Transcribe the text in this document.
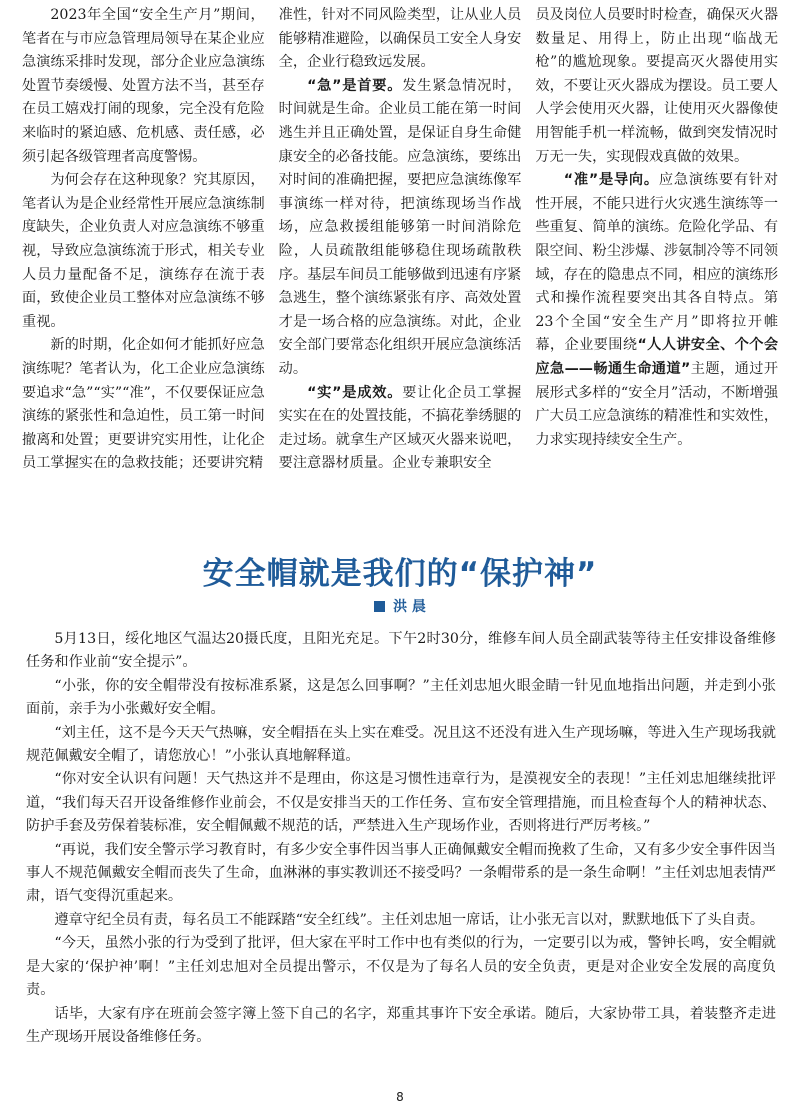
2023年全国“安全生产月”期间，笔者在与市应急管理局领导在某企业应急演练采排时发现，部分企业应急演练处置节奏缓慢、处置方法不当，甚至存在员工嬉戏打闹的现象，完全没有危险来临时的紧迫感、危机感、责任感，必须引起各级管理者高度警惕。

为何会存在这种现象？究其原因，笔者认为是企业经常性开展应急演练制度缺失，企业负责人对应急演练不够重视，导致应急演练流于形式，相关专业人员力量配备不足，演练存在流于表面，致使企业员工整体对应急演练不够重视。

新的时期，化企如何才能抓好应急演练呢？笔者认为，化工企业应急演练要追求“急”“实”“准”，不仅要保证应急演练的紧张性和急迫性，员工第一时间撤离和处置；更要讲究实用性，让化企员工掌握实在的急救技能；还要讲究精

准性，针对不同风险类型，让从业人员能够精准避险，以确保员工安全人身安全，企业行稳致远发展。

“急”是首要。发生紧急情况时，时间就是生命。企业员工能在第一时间逃生并且正确处置，是保证自身生命健康安全的必备技能。应急演练，要练出对时间的准确把握，要把应急演练像军事演练一样对待，把演练现场当作战场，应急救援组能够第一时间消除危险，人员疏散组能够稳住现场疏散秩序。基层车间员工能够做到迅速有序紧急逃生，整个演练紧张有序、高效处置才是一场合格的应急演练。对此，企业安全部门要常态化组织开展应急演练活动。

“实”是成效。要让化企员工掌握实实在在的处置技能，不搞花拳绣腿的走过场。就拿生产区域灭火器来说吧，要注意器材质量。企业专兼职安全

员及岗位人员要时时检查，确保灭火器数量足、用得上，防止出现“临战无枪”的尴尬现象。要提高灭火器使用实效，不要让灭火器成为摆设。员工要人人学会使用灭火器，让使用灭火器像使用智能手机一样流畅，做到突发情况时万无一失，实现假戏真做的效果。

“准”是导向。应急演练要有针对性开展，不能只进行火灾逃生演练等一些重复、简单的演练。危险化学品、有限空间、粉尘涉爆、涉氨制冷等不同领域，存在的隐患点不同，相应的演练形式和操作流程要突出其各自特点。第23个全国“安全生产月”即将拉开帷幕，企业要围绕“人人讲安全、个个会应急——畅通生命通道”主题，通过开展形式多样的“安全月”活动，不断增强广大员工应急演练的精准性和实效性，力求实现持续安全生产。

安全帽就是我们的“保护神”
洪 晨

5月13日，绥化地区气温达20摄氏度，且阳光充足。下午2时30分，维修车间人员全副武装等待主任安排设备维修任务和作业前“安全提示”。

“小张，你的安全帽带没有按标准系紧，这是怎么回事啊？”主任刘忠旭火眼金睛一针见血地指出问题，并走到小张面前，亲手为小张戴好安全帽。

“刘主任，这不是今天天气热嘛，安全帽捂在头上实在难受。况且这不还没有进入生产现场嘛，等进入生产现场我就规范佩戴安全帽了，请您放心！”小张认真地解释道。

“你对安全认识有问题！天气热这并不是理由，你这是习惯性违章行为，是漠视安全的表现！”主任刘忠旭继续批评道，“我们每天召开设备维修作业前会，不仅是安排当天的工作任务、宣布安全管理措施，而且检查每个人的精神状态、防护手套及劳保着装标准，安全帽佩戴不规范的话，严禁进入生产现场作业，否则将进行严厉考核。”

“再说，我们安全警示学习教育时，有多少安全事件因当事人正确佩戴安全帽而挽救了生命，又有多少安全事件因当事人不规范佩戴安全帽而丧失了生命，血淋淋的事实教训还不接受吗？一条帽带系的是一条生命啊！”主任刘忠旭表情严肃，语气变得沉重起来。

遵章守纪全员有责，每名员工不能踩踏“安全红线”。主任刘忠旭一席话，让小张无言以对，默默地低下了头自责。

“今天，虽然小张的行为受到了批评，但大家在平时工作中也有类似的行为，一定要引以为戒，警钟长鸣，安全帽就是大家的‘保护神’啊！”主任刘忠旭对全员提出警示，不仅是为了每名人员的安全负责，更是对企业安全发展的高度负责。

话毕，大家有序在班前会签字簿上签下自己的名字，郑重其事许下安全承诺。随后，大家协带工具，着装整齐走进生产现场开展设备维修任务。

8
